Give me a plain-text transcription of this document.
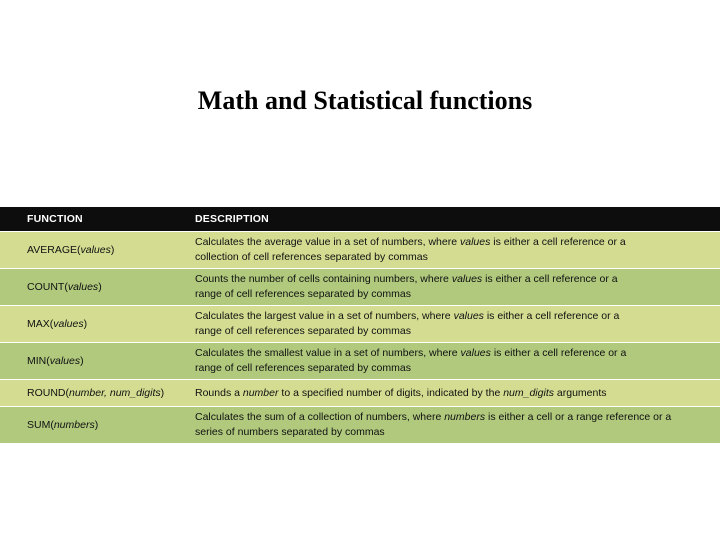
Math and Statistical functions
FUNCTION	DESCRIPTION
AVERAGE(values)
Calculates the average value in a set of numbers, where values is either a cell reference or a
collection of cell references separated by commas
COUNT(values)
Counts the number of cells containing numbers, where values is either a cell reference or a
range of cell references separated by commas
MAX(values)
Calculates the largest value in a set of numbers, where values is either a cell reference or a
range of cell references separated by commas
MIN(values)
Calculates the smallest value in a set of numbers, where values is either a cell reference or a
range of cell references separated by commas
ROUND(number, num_digits)	Rounds a number to a specified number of digits, indicated by the num_digits arguments
SUM(numbers)
Calculates the sum of a collection of numbers, where numbers is either a cell or a range reference or a
series of numbers separated by commas
